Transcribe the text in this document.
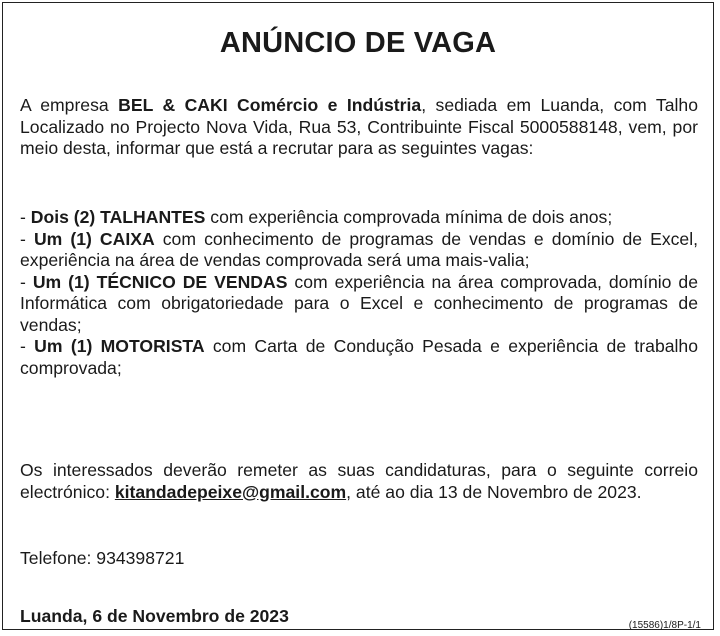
ANÚNCIO DE VAGA
A empresa BEL & CAKI Comércio e Indústria, sediada em Luanda, com Talho Localizado no Projecto Nova Vida, Rua 53, Contribuinte Fiscal 5000588148, vem, por meio desta, informar que está a recrutar para as seguintes vagas:

- Dois (2) TALHANTES com experiência comprovada mínima de dois anos;

- Um (1) CAIXA com conhecimento de programas de vendas e domínio de Excel, experiência na área de vendas comprovada será uma mais-valia;

- Um (1) TÉCNICO DE VENDAS com experiência na área comprovada, domínio de Informática com obrigatoriedade para o Excel e conhecimento de programas de vendas;

- Um (1) MOTORISTA com Carta de Condução Pesada e experiência de trabalho comprovada;

Os interessados deverão remeter as suas candidaturas, para o seguinte correio electrónico: kitandadepeixe@gmail.com, até ao dia 13 de Novembro de 2023.
Telefone: 934398721
Luanda, 6 de Novembro de 2023	(15586)1/8P-1/1
